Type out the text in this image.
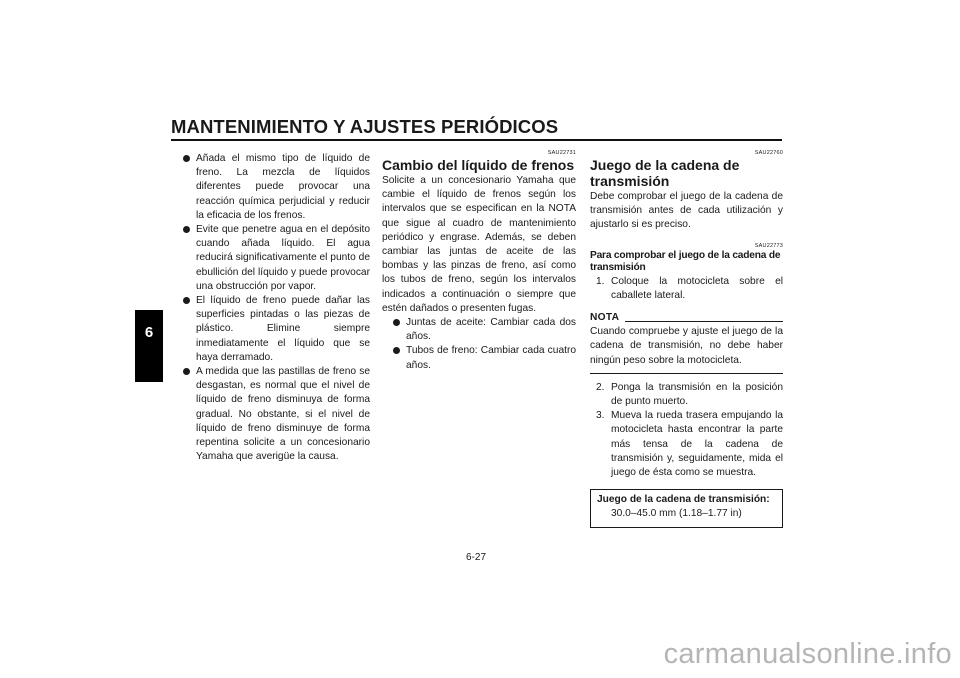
MANTENIMIENTO Y AJUSTES PERIÓDICOS
6
Añada el mismo tipo de líquido de freno. La mezcla de líquidos diferentes puede provocar una reacción química perjudicial y reducir la eficacia de los frenos.
Evite que penetre agua en el depósito cuando añada líquido. El agua reducirá significativamente el punto de ebullición del líquido y puede provocar una obstrucción por vapor.
El líquido de freno puede dañar las superficies pintadas o las piezas de plástico. Elimine siempre inmediatamente el líquido que se haya derramado.
A medida que las pastillas de freno se desgastan, es normal que el nivel de líquido de freno disminuya de forma gradual. No obstante, si el nivel de líquido de freno disminuye de forma repentina solicite a un concesionario Yamaha que averigüe la causa.
SAU22731
Cambio del líquido de frenos

Solicite a un concesionario Yamaha que cambie el líquido de frenos según los intervalos que se especifican en la NOTA que sigue al cuadro de mantenimiento periódico y engrase. Además, se deben cambiar las juntas de aceite de las bombas y las pinzas de freno, así como los tubos de freno, según los intervalos indicados a continuación o siempre que estén dañados o presenten fugas.

Juntas de aceite: Cambiar cada dos años.
Tubos de freno: Cambiar cada cuatro años.
SAU22760
Juego de la cadena de transmisión

Debe comprobar el juego de la cadena de transmisión antes de cada utilización y ajustarlo si es preciso.

SAU22773
Para comprobar el juego de la cadena de transmisión
1. Coloque la motocicleta sobre el caballete lateral.
NOTA

Cuando compruebe y ajuste el juego de la cadena de transmisión, no debe haber ningún peso sobre la motocicleta.

2. Ponga la transmisión en la posición de punto muerto.
3. Mueva la rueda trasera empujando la motocicleta hasta encontrar la parte más tensa de la cadena de transmisión y, seguidamente, mida el juego de ésta como se muestra.
Juego de la cadena de transmisión:
30.0–45.0 mm (1.18–1.77 in)
6-27
carmanualsonline.info
